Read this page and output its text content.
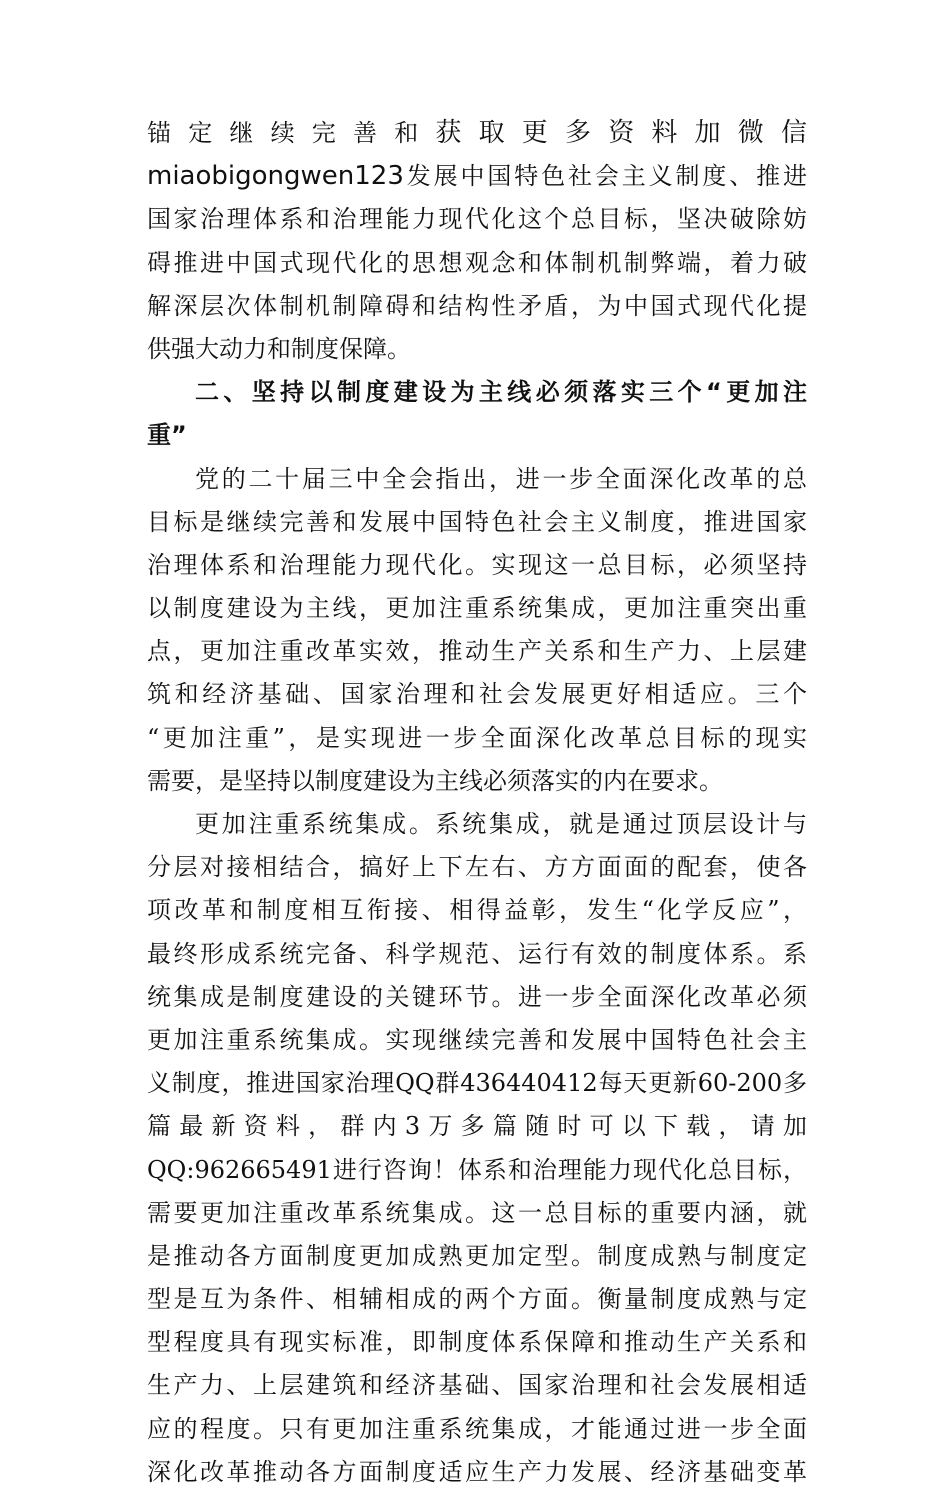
锚定继续完善和获取更多资料加微信
miaobigongwen123发展中国特色社会主义制度、推进
国家治理体系和治理能力现代化这个总目标，坚决破除妨
碍推进中国式现代化的思想观念和体制机制弊端，着力破
解深层次体制机制障碍和结构性矛盾，为中国式现代化提
供强大动力和制度保障。
二、坚持以制度建设为主线必须落实三个“更加注
重”
党的二十届三中全会指出，进一步全面深化改革的总
目标是继续完善和发展中国特色社会主义制度，推进国家
治理体系和治理能力现代化。实现这一总目标，必须坚持
以制度建设为主线，更加注重系统集成，更加注重突出重
点，更加注重改革实效，推动生产关系和生产力、上层建
筑和经济基础、国家治理和社会发展更好相适应。三个
“更加注重”，是实现进一步全面深化改革总目标的现实
需要，是坚持以制度建设为主线必须落实的内在要求。
更加注重系统集成。系统集成，就是通过顶层设计与
分层对接相结合，搞好上下左右、方方面面的配套，使各
项改革和制度相互衔接、相得益彰，发生“化学反应”，
最终形成系统完备、科学规范、运行有效的制度体系。系
统集成是制度建设的关键环节。进一步全面深化改革必须
更加注重系统集成。实现继续完善和发展中国特色社会主
义制度，推进国家治理QQ群436440412每天更新60-200多
篇最新资料，群内3万多篇随时可以下载，请加
QQ:962665491进行咨询！体系和治理能力现代化总目标，
需要更加注重改革系统集成。这一总目标的重要内涵，就
是推动各方面制度更加成熟更加定型。制度成熟与制度定
型是互为条件、相辅相成的两个方面。衡量制度成熟与定
型程度具有现实标准，即制度体系保障和推动生产关系和
生产力、上层建筑和经济基础、国家治理和社会发展相适
应的程度。只有更加注重系统集成，才能通过进一步全面
深化改革推动各方面制度适应生产力发展、经济基础变革
